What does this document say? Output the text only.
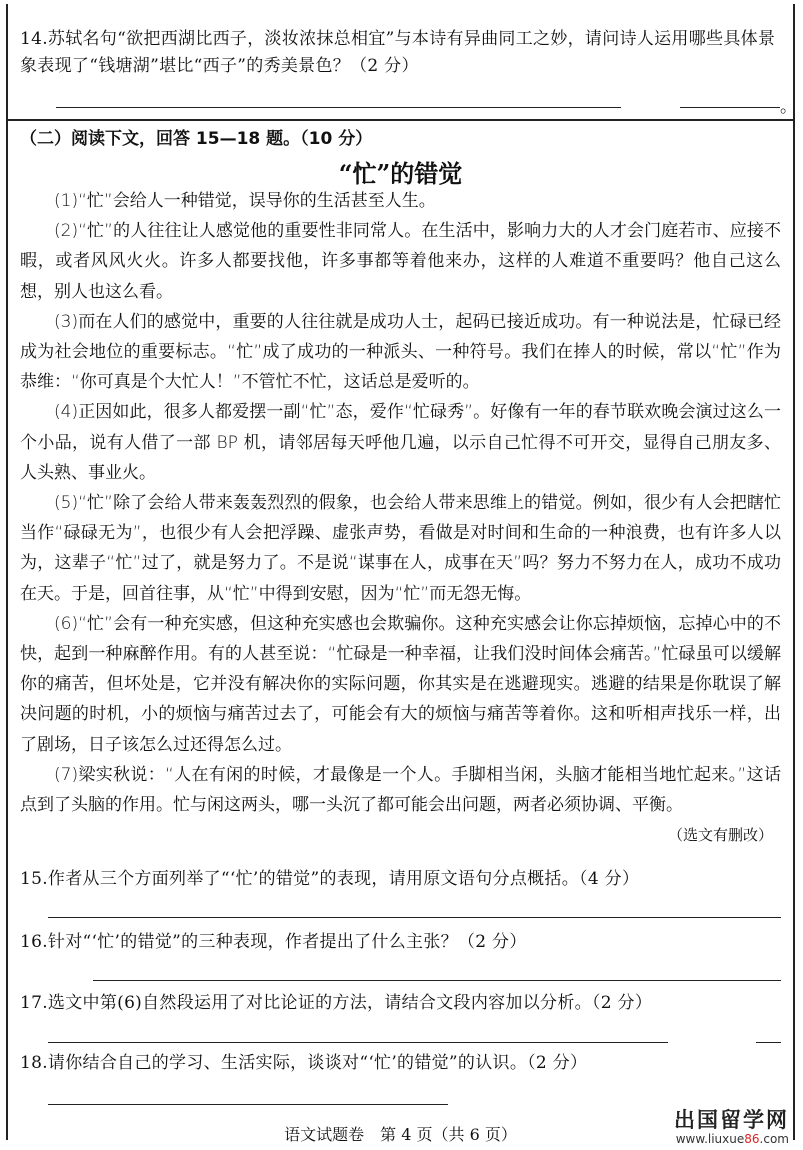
14.苏轼名句“欲把西湖比西子，淡妆浓抹总相宜”与本诗有异曲同工之妙，请问诗人运用哪些具体景象表现了“钱塘湖”堪比“西子”的秀美景色？（2 分）
。
（二）阅读下文，回答 15—18 题。（10 分）
“忙”的错觉

(1)“忙”会给人一种错觉，误导你的生活甚至人生。

(2)“忙”的人往往让人感觉他的重要性非同常人。在生活中，影响力大的人才会门庭若市、应接不暇，或者风风火火。许多人都要找他，许多事都等着他来办，这样的人难道不重要吗？他自己这么想，别人也这么看。

(3)而在人们的感觉中，重要的人往往就是成功人士，起码已接近成功。有一种说法是，忙碌已经成为社会地位的重要标志。“忙”成了成功的一种派头、一种符号。我们在捧人的时候，常以“忙”作为恭维：“你可真是个大忙人！”不管忙不忙，这话总是爱听的。

(4)正因如此，很多人都爱摆一副“忙”态，爱作“忙碌秀”。好像有一年的春节联欢晚会演过这么一个小品，说有人借了一部 BP 机，请邻居每天呼他几遍，以示自己忙得不可开交，显得自己朋友多、人头熟、事业火。

(5)“忙”除了会给人带来轰轰烈烈的假象，也会给人带来思维上的错觉。例如，很少有人会把瞎忙当作“碌碌无为”，也很少有人会把浮躁、虚张声势，看做是对时间和生命的一种浪费，也有许多人以为，这辈子“忙”过了，就是努力了。不是说“谋事在人，成事在天”吗？努力不努力在人，成功不成功在天。于是，回首往事，从“忙”中得到安慰，因为“忙”而无怨无悔。

(6)“忙”会有一种充实感，但这种充实感也会欺骗你。这种充实感会让你忘掉烦恼，忘掉心中的不快，起到一种麻醉作用。有的人甚至说：“忙碌是一种幸福，让我们没时间体会痛苦。”忙碌虽可以缓解你的痛苦，但坏处是，它并没有解决你的实际问题，你其实是在逃避现实。逃避的结果是你耽误了解决问题的时机，小的烦恼与痛苦过去了，可能会有大的烦恼与痛苦等着你。这和听相声找乐一样，出了剧场，日子该怎么过还得怎么过。

(7)梁实秋说：“人在有闲的时候，才最像是一个人。手脚相当闲，头脑才能相当地忙起来。”这话点到了头脑的作用。忙与闲这两头，哪一头沉了都可能会出问题，两者必须协调、平衡。
（选文有删改）

15.作者从三个方面列举了“‘忙’的错觉”的表现，请用原文语句分点概括。（4 分）
16.针对“‘忙’的错觉”的三种表现，作者提出了什么主张？（2 分）
17.选文中第(6)自然段运用了对比论证的方法，请结合文段内容加以分析。（2 分）
18.请你结合自己的学习、生活实际，谈谈对“‘忙’的错觉”的认识。（2 分）
语文试题卷　第 4 页（共 6 页）
出国留学网
www.liuxue86.com
